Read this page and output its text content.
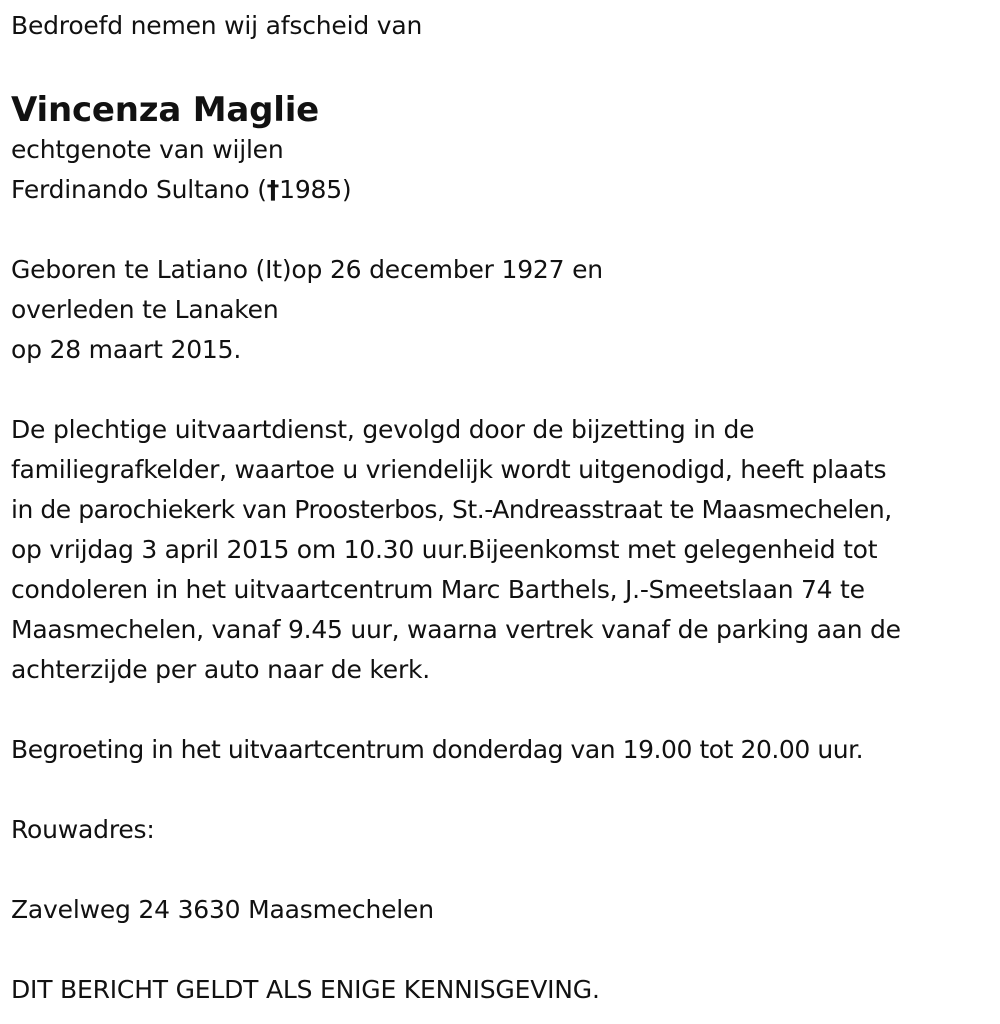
Bedroefd nemen wij afscheid van
Vincenza Maglie
echtgenote van wijlen
Ferdinando Sultano (†1985)
Geboren te Latiano (It)op 26 december 1927 en
overleden te Lanaken
op 28 maart 2015.
De plechtige uitvaartdienst, gevolgd door de bijzetting in de
familiegrafkelder, waartoe u vriendelijk wordt uitgenodigd, heeft plaats
in de parochiekerk van Proosterbos, St.-Andreasstraat te Maasmechelen,
op vrijdag 3 april 2015 om 10.30 uur.Bijeenkomst met gelegenheid tot
condoleren in het uitvaartcentrum Marc Barthels, J.-Smeetslaan 74 te
Maasmechelen, vanaf 9.45 uur, waarna vertrek vanaf de parking aan de
achterzijde per auto naar de kerk.
Begroeting in het uitvaartcentrum donderdag van 19.00 tot 20.00 uur.
Rouwadres:
Zavelweg 24 3630 Maasmechelen
DIT BERICHT GELDT ALS ENIGE KENNISGEVING.
